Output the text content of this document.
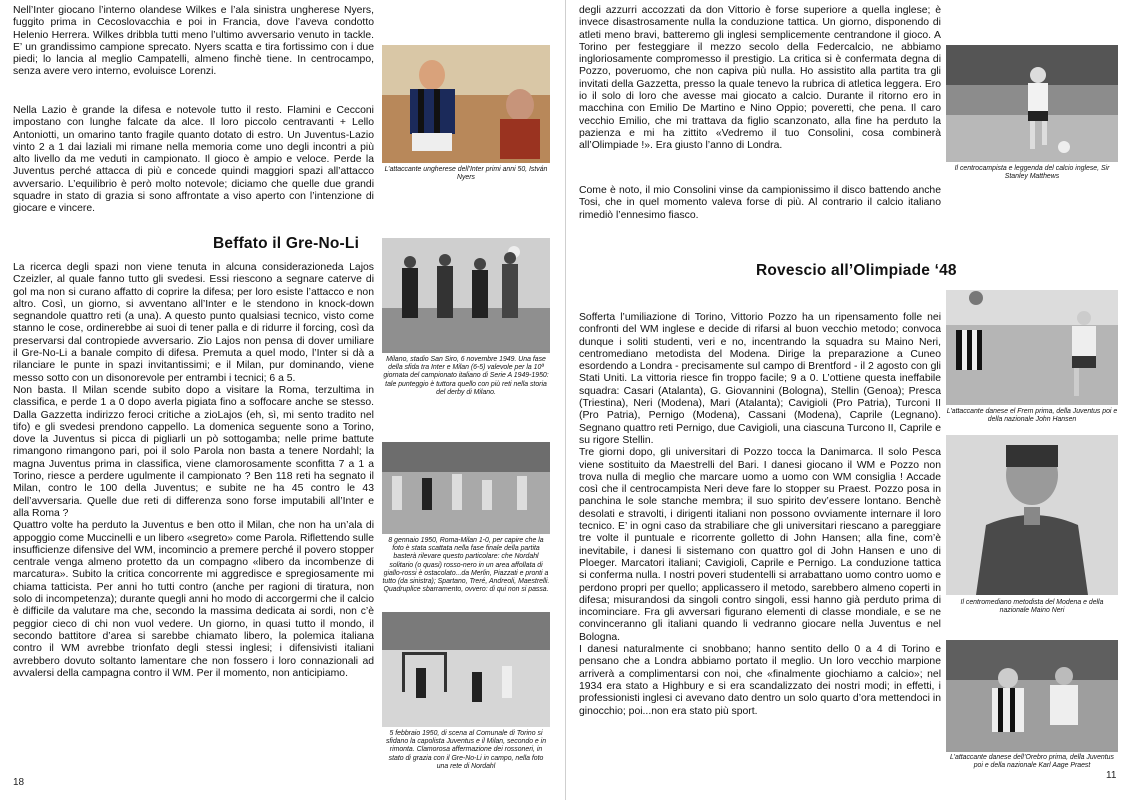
Nell’Inter giocano l’interno olandese Wilkes e l’ala sinistra ungherese Nyers, fuggito prima in Cecoslovacchia e poi in Francia, dove l’aveva condotto Helenio Herrera. Wilkes dribbla tutti meno l’ultimo avversario venuto in tackle. E’ un grandissimo campione sprecato. Nyers scatta e tira fortissimo con i due piedi; lo lancia al meglio Campatelli, almeno finchè tiene. In centrocampo, senza avere vero interno, evoluisce Lorenzi.

Nella Lazio è grande la difesa e notevole tutto il resto. Flamini e Cecconi impostano con lunghe falcate da alce. Il loro piccolo centravanti + Lello Antoniotti, un omarino tanto fragile quanto dotato di estro. Un Juventus-Lazio vinto 2 a 1 dai laziali mi rimane nella memoria come uno degli incontri a più alto livello da me veduti in campionato. Il gioco è ampio e veloce. Perde la Juventus perché attacca di più e concede quindi maggiori spazi all’attacco avversario. L’equilibrio è però molto notevole; diciamo che quelle due grandi squadre in stato di grazia si sono affrontate a viso aperto con l’intenzione di giocare e vincere.

Beffato il Gre-No-Li

La ricerca degli spazi non viene tenuta in alcuna considerazioneda Lajos Czeizler, al quale fanno tutto gli svedesi. Essi riescono a segnare caterve di gol ma non si curano affatto di coprire la difesa; per loro esiste l’attacco e non altro. Così, un giorno, si avventano all’Inter e le stendono in knock-down segnandole quattro reti (a una). A questo punto qualsiasi tecnico, visto come stanno le cose, ordinerebbe ai suoi di tener palla e di ridurre il forcing, così da preservarsi dal contropiede avversario. Zio Lajos non pensa di dover umiliare il Gre-No-Li a banale compito di difesa. Premuta a quel modo, l’Inter si dà a rilanciare le punte in spazi invitantissimi; e il Milan, pur dominando, viene messo sotto con un disonorevole per entrambi i tecnici; 6 a 5.

Non basta. Il Milan scende subito dopo a visitare la Roma, terzultima in classifica, e perde 1 a 0 dopo averla pigiata fino a soffocare anche se stesso. Dalla Gazzetta indirizzo feroci critiche a zioLajos (eh, sì, mi sento tradito nel tifo) e gli svedesi prendono cappello. La domenica seguente sono a Torino, dove la Juventus si picca di pigliarli un pò sottogamba; nelle prime battute rimangono rimangono pari, poi il solo Parola non basta a tenere Nordahl; la magna Juventus prima in classifica, viene clamorosamente sconfitta 7 a 1 a Torino, riesce a perdere ugulmente il campionato ? Ben 118 reti ha segnato il Milan, contro le 100 della Juventus; e subite ne ha 45 contro le 43 dell’avversaria. Quelle due reti di differenza sono forse imputabili all’Inter e alla Roma ?

Quattro volte ha perduto la Juventus e ben otto il Milan, che non ha un’ala di appoggio come Muccinelli e un libero «segreto» come Parola. Riflettendo sulle insufficienze difensive del WM, incomincio a premere perché il povero stopper centrale venga almeno protetto da un compagno «libero da incombenze di marcatura». Subito la critica concorrente mi aggredisce e spregiosamente mi chiama tatticista. Per anni ho tutti contro (anche per ragioni di tiratura, non solo di incompetenza); durante quegli anni ho modo di accorgermi che il calcio è difficile da valutare ma che, secondo la massima dedicata ai sordi, non c’è peggior cieco di chi non vuol vedere. Un giorno, in quasi tutto il mondo, il secondo battitore d’area si sarebbe chiamato libero, la polemica italiana contro il WM avrebbe trionfato degli stessi inglesi; i difensivisti italiani avrebbero dovuto soltanto lamentare che non fossero i loro connazionali ad avvalersi della campagna contro il WM. Per il momento, non anticipiamo.

L’attaccante ungherese dell’Inter primi anni 50, István Nyers
Milano, stadio San Siro, 6 novembre 1949. Una fase della sfida tra Inter e Milan (6-5) valevole per la 10ª giornata del campionato italiano di Serie A 1949-1950: tale punteggio è tuttora quello con più reti nella storia del derby di Milano.
8 gennaio 1950, Roma-Milan 1-0, per capire che la foto è stata scattata nella fase finale della partita basterà rilevare questo particolare: che Nordahl solitario (o quasi) rosso-nero in un area affollata di giallo-rossi è ostacolato...da Merlin, Piazzati e pronti a tutto (da sinistra); Spartano, Treré, Andreoli, Maestrelli. Quadruplice sbarramento, ovvero: di qui non si passa.
5 febbraio 1950, di scena al Comunale di Torino si sfidano la capolista Juventus e il Milan, secondo e in rimonta. Clamorosa affermazione dei rossoneri, in stato di grazia con il Gre-No-Li in campo, nella foto una rete di Nordahl
18

degli azzurri accozzati da don Vittorio è forse superiore a quella inglese; è invece disastrosamente nulla la conduzione tattica. Un giorno, disponendo di atleti meno bravi, batteremo gli inglesi semplicemente centrandone il gioco. A Torino per festeggiare il mezzo secolo della Federcalcio, ne abbiamo ingloriosamente compromesso il prestigio. La critica si è confermata degna di Pozzo, poveruomo, che non capiva più nulla. Ho assistito alla partita tra gli invitati della Gazzetta, presso la quale tenevo la rubrica di atletica leggera. Ero io il solo di loro che avesse mai giocato a calcio. Durante il ritorno ero in macchina con Emilio De Martino e Nino Oppio; poveretti, che pena. Il caro vecchio Emilio, che mi trattava da figlio scanzonato, alla fine ha perduto la pazienza e mi ha zittito «Vedremo il tuo Consolini, cosa combinerà all’Olimpiade !». Era giusto l’anno di Londra.

Come è noto, il mio Consolini vinse da campionissimo il disco battendo anche Tosi, che in quel momento valeva forse di più. Al contrario il calcio italiano rimediò l’ennesimo fiasco.

Rovescio all’Olimpiade ‘48

Sofferta l’umiliazione di Torino, Vittorio Pozzo ha un ripensamento folle nei confronti del WM inglese e decide di rifarsi al buon vecchio metodo; convoca dunque i soliti studenti, veri e no, incentrando la squadra su Maino Neri, centromediano metodista del Modena. Dirige la preparazione a Cuneo esordendo a Londra - precisamente sul campo di Brentford - il 2 agosto con gli Stati Uniti. La vittoria riesce fin troppo facile; 9 a 0. L’ottiene questa ineffabile squadra: Casari (Atalanta), G. Giovannini (Bologna), Stellin (Genoa); Presca (Triestina), Neri (Modena), Mari (Atalanta); Cavigioli (Pro Patria), Turconi II (Pro Patria), Pernigo (Modena), Cassani (Modena), Caprile (Legnano). Segnano quattro reti Pernigo, due Cavigioli, una ciascuna Turcono II, Caprile e su rigore Stellin.

Tre giorni dopo, gli universitari di Pozzo tocca la Danimarca. Il solo Pesca viene sostituito da Maestrelli del Bari. I danesi giocano il WM e Pozzo non trova nulla di meglio che marcare uomo a uomo con WM consiglia ! Accade così che il centrocampista Neri deve fare lo stopper su Praest. Pozzo posa in panchina le sole stanche membra; il suo spirito dev’essere lontano. Benchè desolati e stravolti, i dirigenti italiani non possono ovviamente internare il loro tecnico. E’ in ogni caso da strabiliare che gli universitari riescano a pareggiare tre volte il puntuale e ricorrente golletto di John Hansen; alla fine, com’è inevitabile, i danesi li sistemano con quattro gol di John Hansen e uno di Ploeger. Marcatori italiani; Cavigioli, Caprile e Pernigo. La conduzione tattica si conferma nulla. I nostri poveri studentelli si arrabattano uomo contro uomo e perdono propri per quello; applicassero il metodo, sarebbero almeno coperti in difesa; misurandosi da singoli contro singoli, essi hanno già perduto prima di incominciare. Fra gli avversari figurano elementi di classe mondiale, e se ne convinceranno gli italiani quando li vedranno giocare nella Juventus e nel Bologna.

I danesi naturalmente ci snobbano; hanno sentito dello 0 a 4 di Torino e pensano che a Londra abbiamo portato il meglio. Un loro vecchio marpione arriverà a complimentarsi con noi, che «finalmente giochiamo a calcio»; nel 1934 era stato a Highbury e si era scandalizzato dei nostri modi; in effetti, i professionisti inglesi ci avevano dato dentro un solo quarto d’ora mettendoci in ginocchio; poi...non era stato più sport.

Il centrocampista e leggenda del calcio inglese, Sir Stanley Matthews
L’attaccante danese el Frem prima, della Juventus poi e della nazionale John Hansen
Il centromediano metodista del Modena e della nazionale Maino Neri
L’attaccante danese dell’Orebro prima, della Juventus poi e della nazionale Karl Aage Praest
11
